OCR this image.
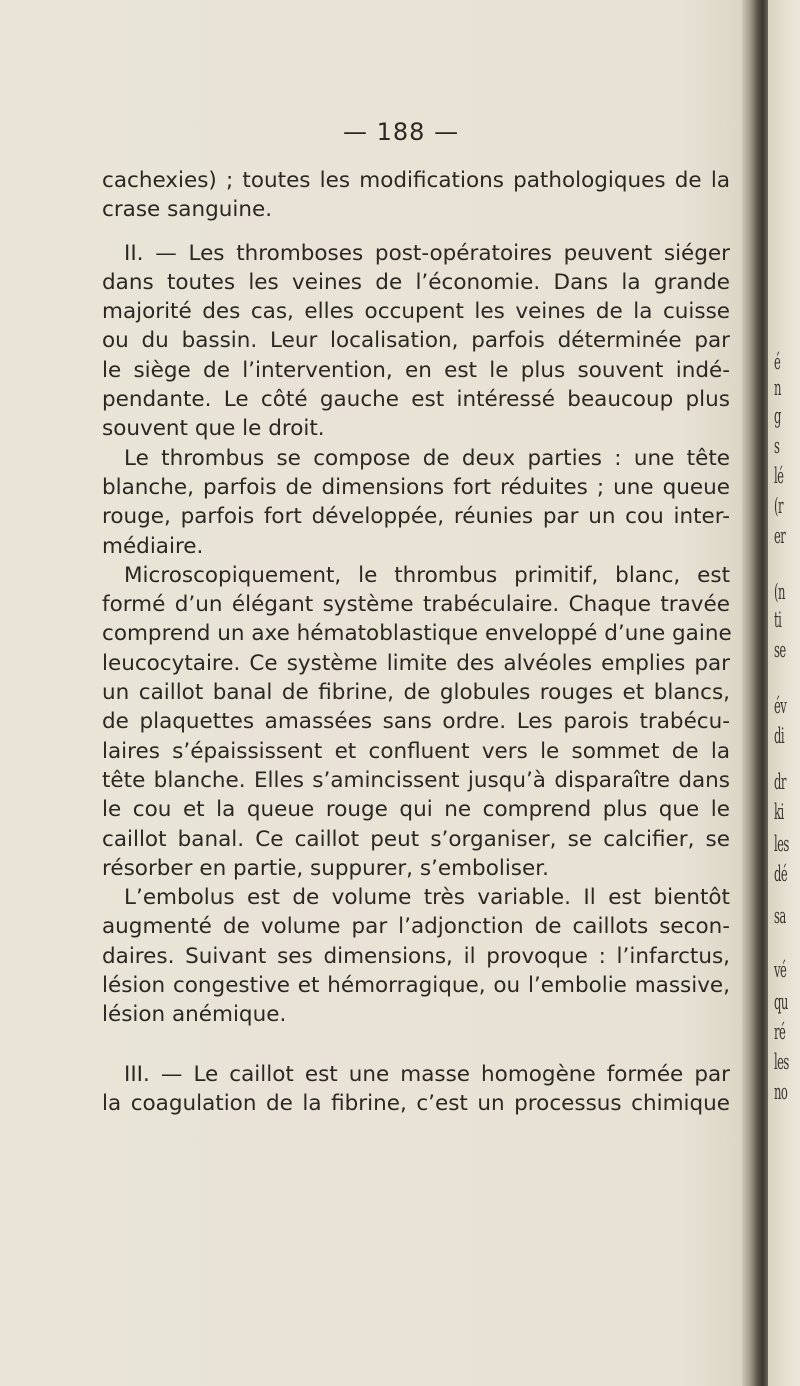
— 188 —
cachexies) ; toutes les modifications pathologiques de la
crase sanguine.
II. — Les thromboses post-opératoires peuvent siéger
dans toutes les veines de l’économie. Dans la grande
majorité des cas, elles occupent les veines de la cuisse
ou du bassin. Leur localisation, parfois déterminée par
le siège de l’intervention, en est le plus souvent indé-
pendante. Le côté gauche est intéressé beaucoup plus
souvent que le droit.
Le thrombus se compose de deux parties : une tête
blanche, parfois de dimensions fort réduites ; une queue
rouge, parfois fort développée, réunies par un cou inter-
médiaire.
Microscopiquement, le thrombus primitif, blanc, est
formé d’un élégant système trabéculaire. Chaque travée
comprend un axe hématoblastique enveloppé d’une gaine
leucocytaire. Ce système limite des alvéoles emplies par
un caillot banal de fibrine, de globules rouges et blancs,
de plaquettes amassées sans ordre. Les parois trabécu-
laires s’épaississent et confluent vers le sommet de la
tête blanche. Elles s’amincissent jusqu’à disparaître dans
le cou et la queue rouge qui ne comprend plus que le
caillot banal. Ce caillot peut s’organiser, se calcifier, se
résorber en partie, suppurer, s’emboliser.
L’embolus est de volume très variable. Il est bientôt
augmenté de volume par l’adjonction de caillots secon-
daires. Suivant ses dimensions, il provoque : l’infarctus,
lésion congestive et hémorragique, ou l’embolie massive,
lésion anémique.
III. — Le caillot est une masse homogène formée par
la coagulation de la fibrine, c’est un processus chimique
é
n
g
s
lé
(r
er
(n
ti
se
év
di
dr
ki
les
dé
sa
vé
qu
ré
les
no
